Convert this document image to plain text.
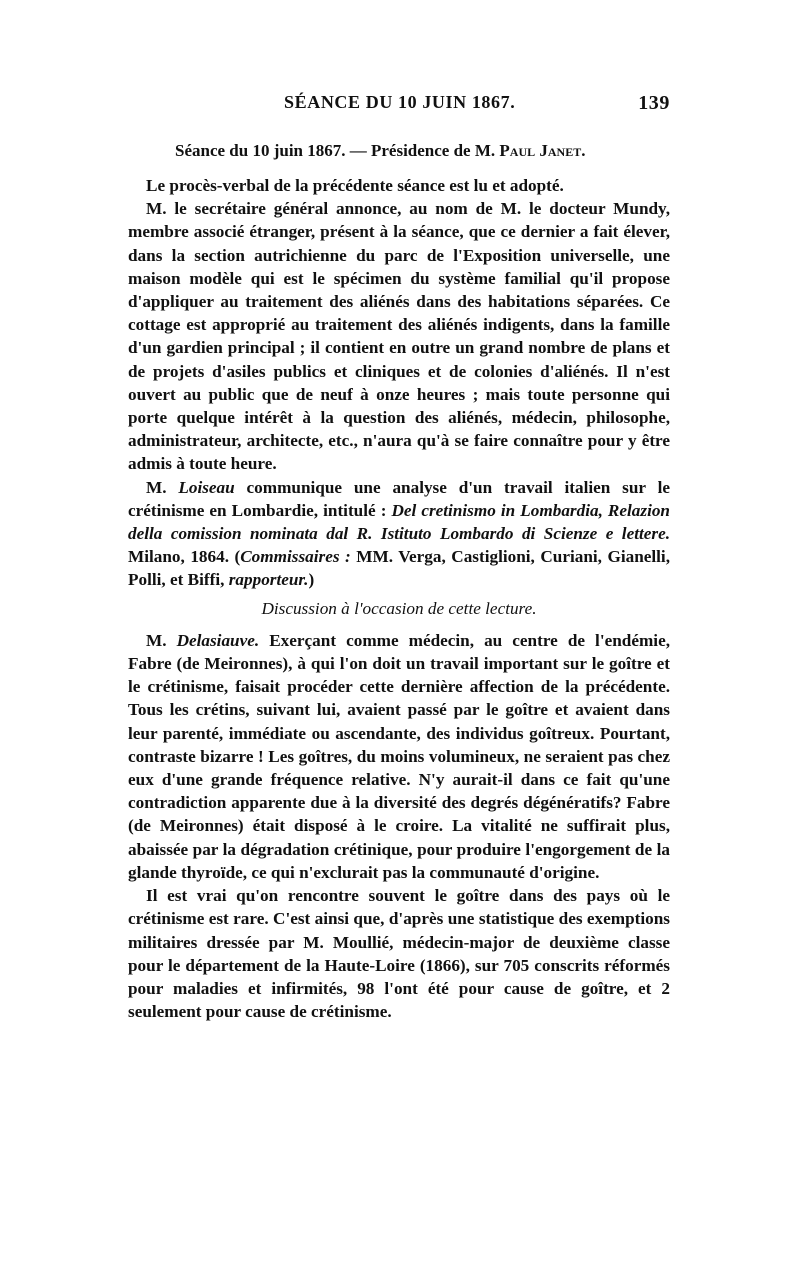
SÉANCE DU 10 JUIN 1867.	139
Séance du 10 juin 1867. — Présidence de M. Paul Janet.

Le procès-verbal de la précédente séance est lu et adopté.

M. le secrétaire général annonce, au nom de M. le docteur Mundy, membre associé étranger, présent à la séance, que ce dernier a fait élever, dans la section autrichienne du parc de l'Exposition universelle, une maison modèle qui est le spécimen du système familial qu'il propose d'appliquer au traitement des aliénés dans des habitations séparées. Ce cottage est approprié au traitement des aliénés indigents, dans la famille d'un gardien principal ; il contient en outre un grand nombre de plans et de projets d'asiles publics et cliniques et de colonies d'aliénés. Il n'est ouvert au public que de neuf à onze heures ; mais toute personne qui porte quelque intérêt à la question des aliénés, médecin, philosophe, administrateur, architecte, etc., n'aura qu'à se faire connaître pour y être admis à toute heure.

M. Loiseau communique une analyse d'un travail italien sur le crétinisme en Lombardie, intitulé : Del cretinismo in Lombardia, Relazion della comission nominata dal R. Istituto Lombardo di Scienze e lettere. Milano, 1864. (Commissaires : MM. Verga, Castiglioni, Curiani, Gianelli, Polli, et Biffi, rapporteur.)

Discussion à l'occasion de cette lecture.

M. Delasiauve. Exerçant comme médecin, au centre de l'endémie, Fabre (de Meironnes), à qui l'on doit un travail important sur le goître et le crétinisme, faisait procéder cette dernière affection de la précédente. Tous les crétins, suivant lui, avaient passé par le goître et avaient dans leur parenté, immédiate ou ascendante, des individus goîtreux. Pourtant, contraste bizarre ! Les goîtres, du moins volumineux, ne seraient pas chez eux d'une grande fréquence relative. N'y aurait-il dans ce fait qu'une contradiction apparente due à la diversité des degrés dégénératifs? Fabre (de Meironnes) était disposé à le croire. La vitalité ne suffirait plus, abaissée par la dégradation crétinique, pour produire l'engorgement de la glande thyroïde, ce qui n'exclurait pas la communauté d'origine.

Il est vrai qu'on rencontre souvent le goître dans des pays où le crétinisme est rare. C'est ainsi que, d'après une statistique des exemptions militaires dressée par M. Moullié, médecin-major de deuxième classe pour le département de la Haute-Loire (1866), sur 705 conscrits réformés pour maladies et infirmités, 98 l'ont été pour cause de goître, et 2 seulement pour cause de crétinisme.
